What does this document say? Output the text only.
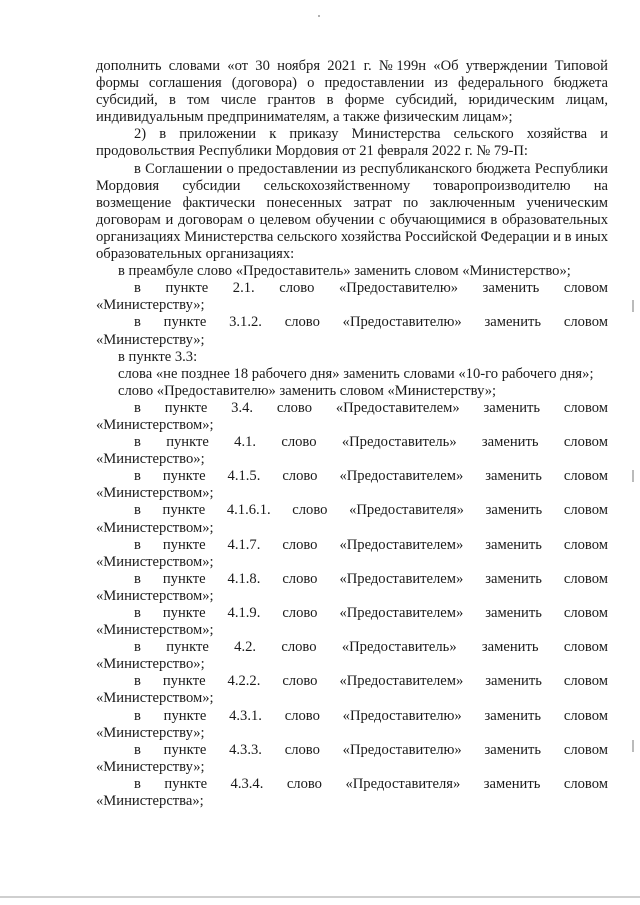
дополнить словами «от 30 ноября 2021 г. №199н «Об утверждении Типовой формы соглашения (договора) о предоставлении из федерального бюджета субсидий, в том числе грантов в форме субсидий, юридическим лицам, индивидуальным предпринимателям, а также физическим лицам»;

2) в приложении к приказу Министерства сельского хозяйства и продовольствия Республики Мордовия от 21 февраля 2022 г. № 79-П:

в Соглашении о предоставлении из республиканского бюджета Республики Мордовия субсидии сельскохозяйственному товаропроизводителю на возмещение фактически понесенных затрат по заключенным ученическим договорам и договорам о целевом обучении с обучающимися в образовательных организациях Министерства сельского хозяйства Российской Федерации и в иных образовательных организациях:

в преамбуле слово «Предоставитель» заменить словом «Министерство»;

в пункте 2.1. слово «Предоставителю» заменить словом
«Министерству»;
в пункте 3.1.2. слово «Предоставителю» заменить словом
«Министерству»;

в пункте 3.3:

слова «не позднее 18 рабочего дня» заменить словами «10-го рабочего дня»;

слово «Предоставителю» заменить словом «Министерству»;

в пункте 3.4. слово «Предоставителем» заменить словом
«Министерством»;
в пункте 4.1. слово «Предоставитель» заменить словом
«Министерство»;
в пункте 4.1.5. слово «Предоставителем» заменить словом
«Министерством»;
в пункте 4.1.6.1. слово «Предоставителя» заменить словом
«Министерством»;
в пункте 4.1.7. слово «Предоставителем» заменить словом
«Министерством»;
в пункте 4.1.8. слово «Предоставителем» заменить словом
«Министерством»;
в пункте 4.1.9. слово «Предоставителем» заменить словом
«Министерством»;
в пункте 4.2. слово «Предоставитель» заменить словом
«Министерство»;
в пункте 4.2.2. слово «Предоставителем» заменить словом
«Министерством»;
в пункте 4.3.1. слово «Предоставителю» заменить словом
«Министерству»;
в пункте 4.3.3. слово «Предоставителю» заменить словом
«Министерству»;
в пункте 4.3.4. слово «Предоставителя» заменить словом
«Министерства»;
